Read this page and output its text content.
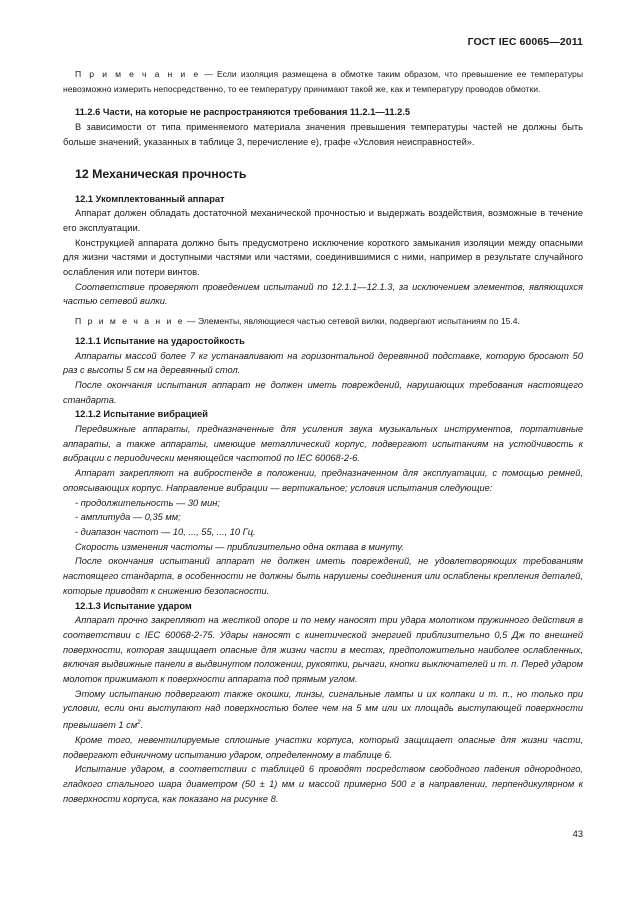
ГОСТ IEC 60065—2011

П р и м е ч а н и е — Если изоляция размещена в обмотке таким образом, что превышение ее температуры невозможно измерить непосредственно, то ее температуру принимают такой же, как и температуру проводов обмотки.

11.2.6 Части, на которые не распространяются требования 11.2.1—11.2.5

В зависимости от типа применяемого материала значения превышения температуры частей не должны быть больше значений, указанных в таблице 3, перечисление е), графе «Условия неисправностей».

12 Механическая прочность
12.1 Укомплектованный аппарат

Аппарат должен обладать достаточной механической прочностью и выдержать воздействия, возможные в течение его эксплуатации.

Конструкцией аппарата должно быть предусмотрено исключение короткого замыкания изоляции между опасными для жизни частями и доступными частями или частями, соединившимися с ними, например в результате случайного ослабления или потери винтов.

Соответствие проверяют проведением испытаний по 12.1.1—12.1.3, за исключением элементов, являющихся частью сетевой вилки.

П р и м е ч а н и е — Элементы, являющиеся частью сетевой вилки, подвергают испытаниям по 15.4.

12.1.1 Испытание на ударостойкость

Аппараты массой более 7 кг устанавливают на горизонтальной деревянной подставке, которую бросают 50 раз с высоты 5 см на деревянный стол.

После окончания испытания аппарат не должен иметь повреждений, нарушающих требования настоящего стандарта.

12.1.2 Испытание вибрацией

Передвижные аппараты, предназначенные для усиления звука музыкальных инструментов, портативные аппараты, а также аппараты, имеющие металлический корпус, подвергают испытаниям на устойчивость к вибрации с периодически меняющейся частотой по IEC 60068-2-6.

Аппарат закрепляют на вибростенде в положении, предназначенном для эксплуатации, с помощью ремней, опоясывающих корпус. Направление вибрации — вертикальное; условия испытания следующие:

- продолжительность — 30 мин;

- амплитуда — 0,35 мм;

- диапазон частот — 10, ..., 55, ..., 10 Гц.

Скорость изменения частоты — приблизительно одна октава в минуту.

После окончания испытаний аппарат не должен иметь повреждений, не удовлетворяющих требованиям настоящего стандарта, в особенности не должны быть нарушены соединения или ослаблены крепления деталей, которые приводят к снижению безопасности.

12.1.3 Испытание ударом

Аппарат прочно закрепляют на жесткой опоре и по нему наносят три удара молотком пружинного действия в соответствии с IEC 60068-2-75. Удары наносят с кинетической энергией приблизительно 0,5 Дж по внешней поверхности, которая защищает опасные для жизни части в местах, предположительно наиболее ослабленных, включая выдвижные панели в выдвинутом положении, рукоятки, рычаги, кнопки выключателей и т. п. Перед ударом молоток прижимают к поверхности аппарата под прямым углом.

Этому испытанию подвергают также окошки, линзы, сигнальные лампы и их колпаки и т. п., но только при условии, если они выступают над поверхностью более чем на 5 мм или их площадь выступающей поверхности превышает 1 $см^2$.

Кроме того, невентилируемые сплошные участки корпуса, который защищает опасные для жизни части, подвергают единичному испытанию ударом, определенному в таблице 6.

Испытание ударом, в соответствии с таблицей 6 проводят посредством свободного падения однородного, гладкого стального шара диаметром (50 ± 1) мм и массой примерно 500 г в направлении, перпендикулярном к поверхности корпуса, как показано на рисунке 8.

43
